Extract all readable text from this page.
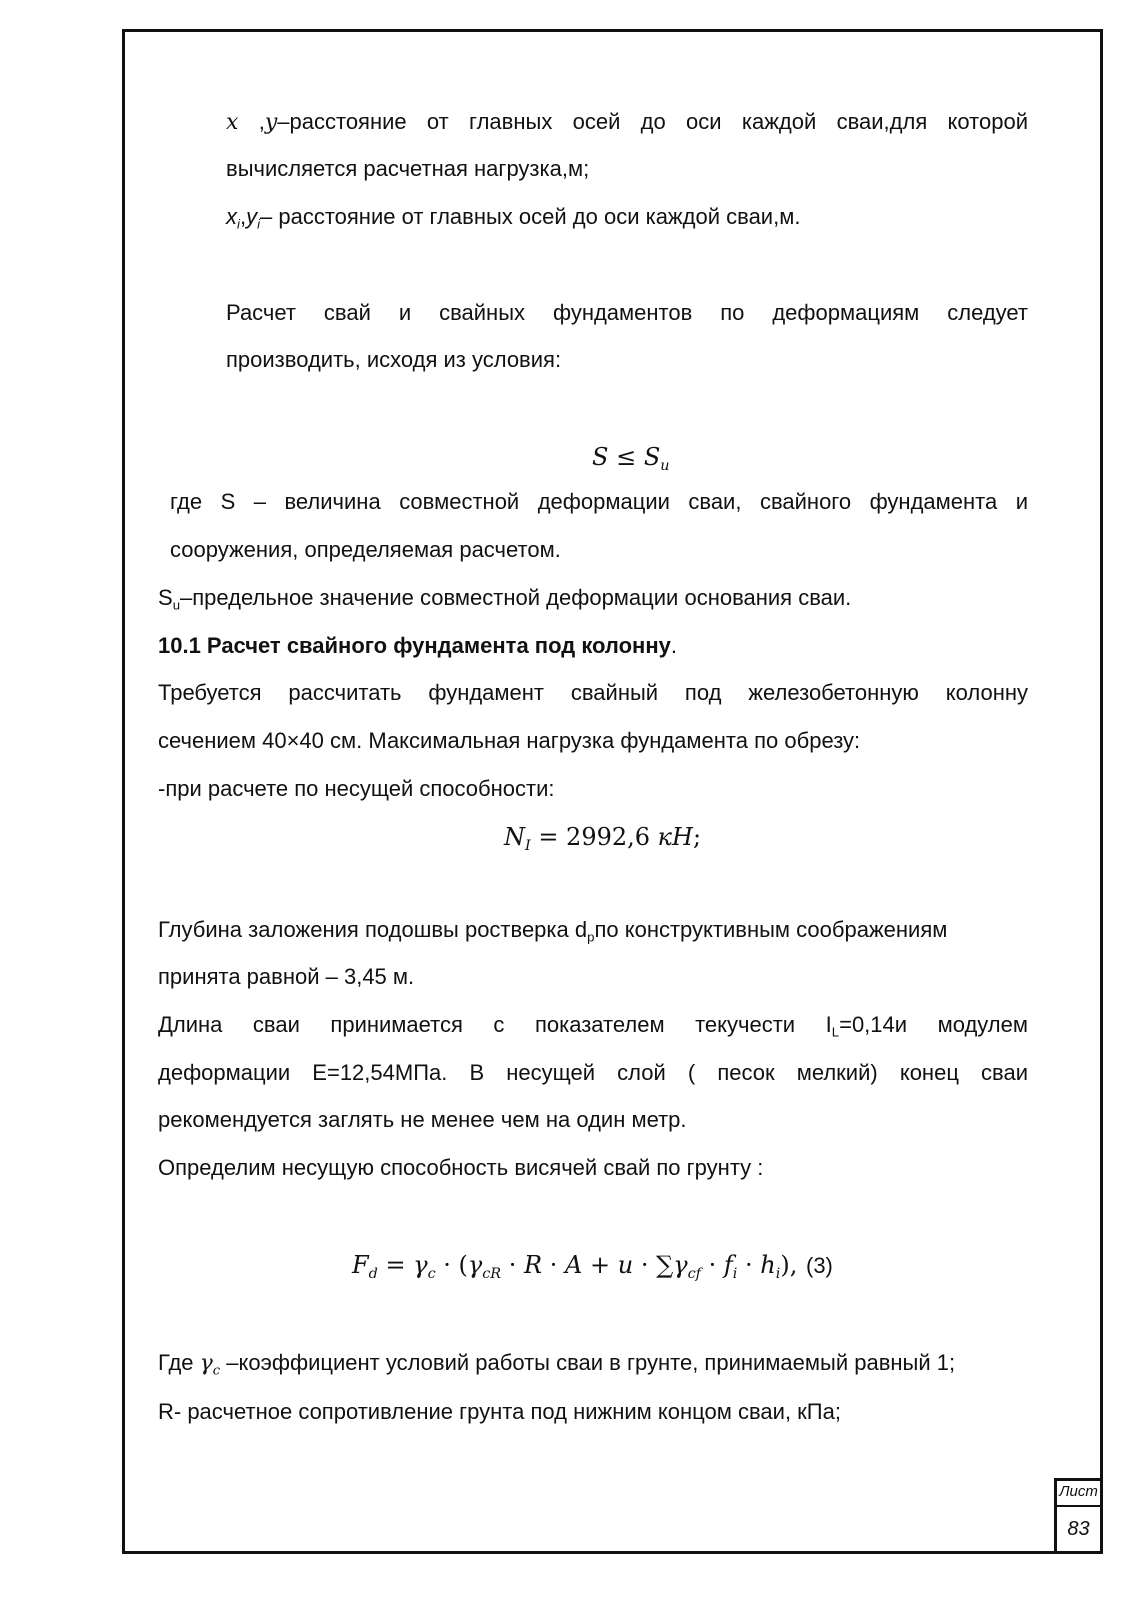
x ,y–расстояние от главных осей до оси каждой сваи,для которой
вычисляется расчетная нагрузка,м;
$x_i,y_i-$ расстояние от главных осей до оси каждой сваи,м.
Расчет свай и свайных фундаментов по деформациям следует
производить, исходя из условия:
$S \le S_u$
где S – величина совместной деформации сваи, свайного фундамента и
сооружения, определяемая расчетом.
$S_u$–предельное значение совместной деформации основания сваи.
10.1 Расчет свайного фундамента под колонну.
Требуется рассчитать фундамент свайный под железобетонную колонну
сечением 40×40 см. Максимальная нагрузка фундамента по обрезу:
-при расчете по несущей способности:
$N_I = 2992,6$ кН;
Глубина заложения подошвы ростверка $d_рпо$ конструктивным соображениям
принята равной – 3,45 м.
Длина сваи принимается с показателем текучести $I_L=0,14и$ модулем
деформации E=12,54МПа. В несущей слой ( песок мелкий) конец сваи
рекомендуется заглять не менее чем на один метр.
Определим несущую способность висячей свай по грунту :
$F_d = \gamma_c \cdot (\gamma_{cR} \cdot R \cdot A + u \cdot \sum\gamma_{cf} \cdot f_i \cdot h_i)$, (3)
Где $\gamma_c$ –коэффициент условий работы сваи в грунте, принимаемый равный 1;
R- расчетное сопротивление грунта под нижним концом сваи, кПа;
Лист
83
